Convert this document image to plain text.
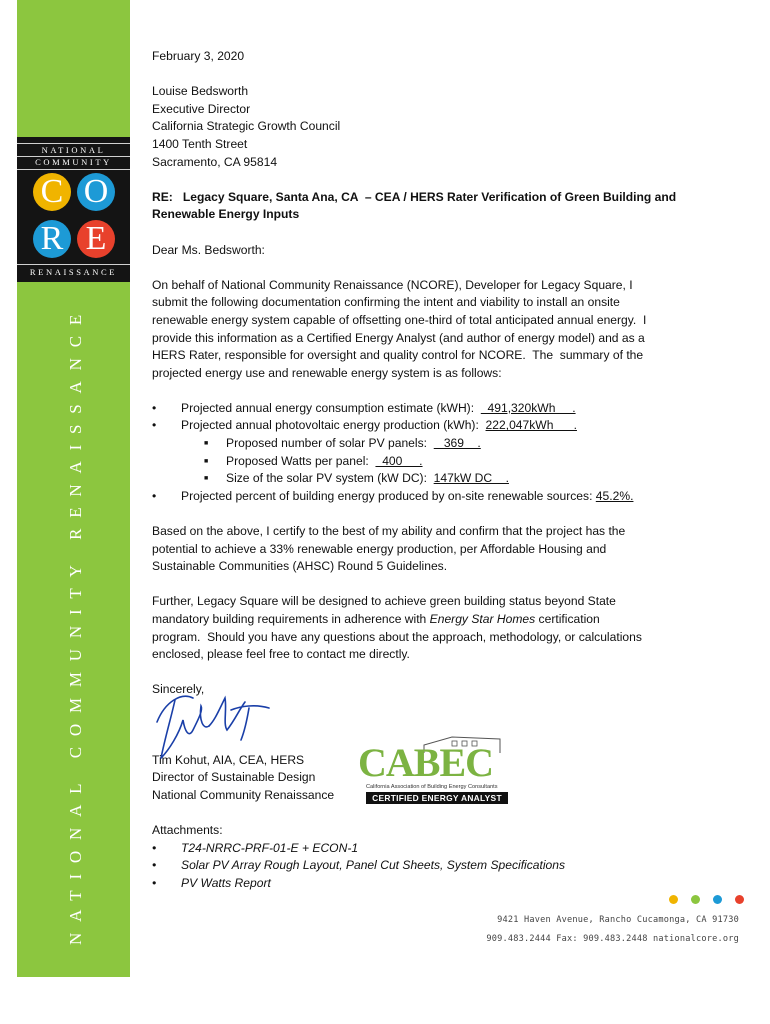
NATIONAL
COMMUNITY
C O
R E
RENAISSANCE
NATIONAL COMMUNITY RENAISSANCE

February 3, 2020

Louise Bedsworth

Executive Director

California Strategic Growth Council

1400 Tenth Street

Sacramento, CA 95814

RE:   Legacy Square, Santa Ana, CA  – CEA / HERS Rater Verification of Green Building and

Renewable Energy Inputs

Dear Ms. Bedsworth:

On behalf of National Community Renaissance (NCORE), Developer for Legacy Square, I

submit the following documentation confirming the intent and viability to install an onsite

renewable energy system capable of offsetting one-third of total anticipated annual energy.  I

provide this information as a Certified Energy Analyst (and author of energy model) and as a

HERS Rater, responsible for oversight and quality control for NCORE.  The  summary of the

projected energy use and renewable energy system is as follows:

• Projected annual energy consumption estimate (kWH):    491,320kWh     .

• Projected annual photovoltaic energy production (kWh):  222,047kWh      .

■ Proposed number of solar PV panels:     369    .

■ Proposed Watts per panel:    400     .

■ Size of the solar PV system (kW DC):  147kW DC    .

• Projected percent of building energy produced by on-site renewable sources: 45.2%.

Based on the above, I certify to the best of my ability and confirm that the project has the

potential to achieve a 33% renewable energy production, per Affordable Housing and

Sustainable Communities (AHSC) Round 5 Guidelines.

Further, Legacy Square will be designed to achieve green building status beyond State

mandatory building requirements in adherence with Energy Star Homes certification

program.  Should you have any questions about the approach, methodology, or calculations

enclosed, please feel free to contact me directly.

Sincerely,

Tim Kohut, AIA, CEA, HERS

Director of Sustainable Design

National Community Renaissance

Attachments:

• T24-NRRC-PRF-01-E + ECON-1

• Solar PV Array Rough Layout, Panel Cut Sheets, System Specifications

• PV Watts Report

CABEC
California Association of Building Energy Consultants
CERTIFIED ENERGY ANALYST
9421 Haven Avenue, Rancho Cucamonga, CA 91730
909.483.2444 Fax: 909.483.2448 nationalcore.org
